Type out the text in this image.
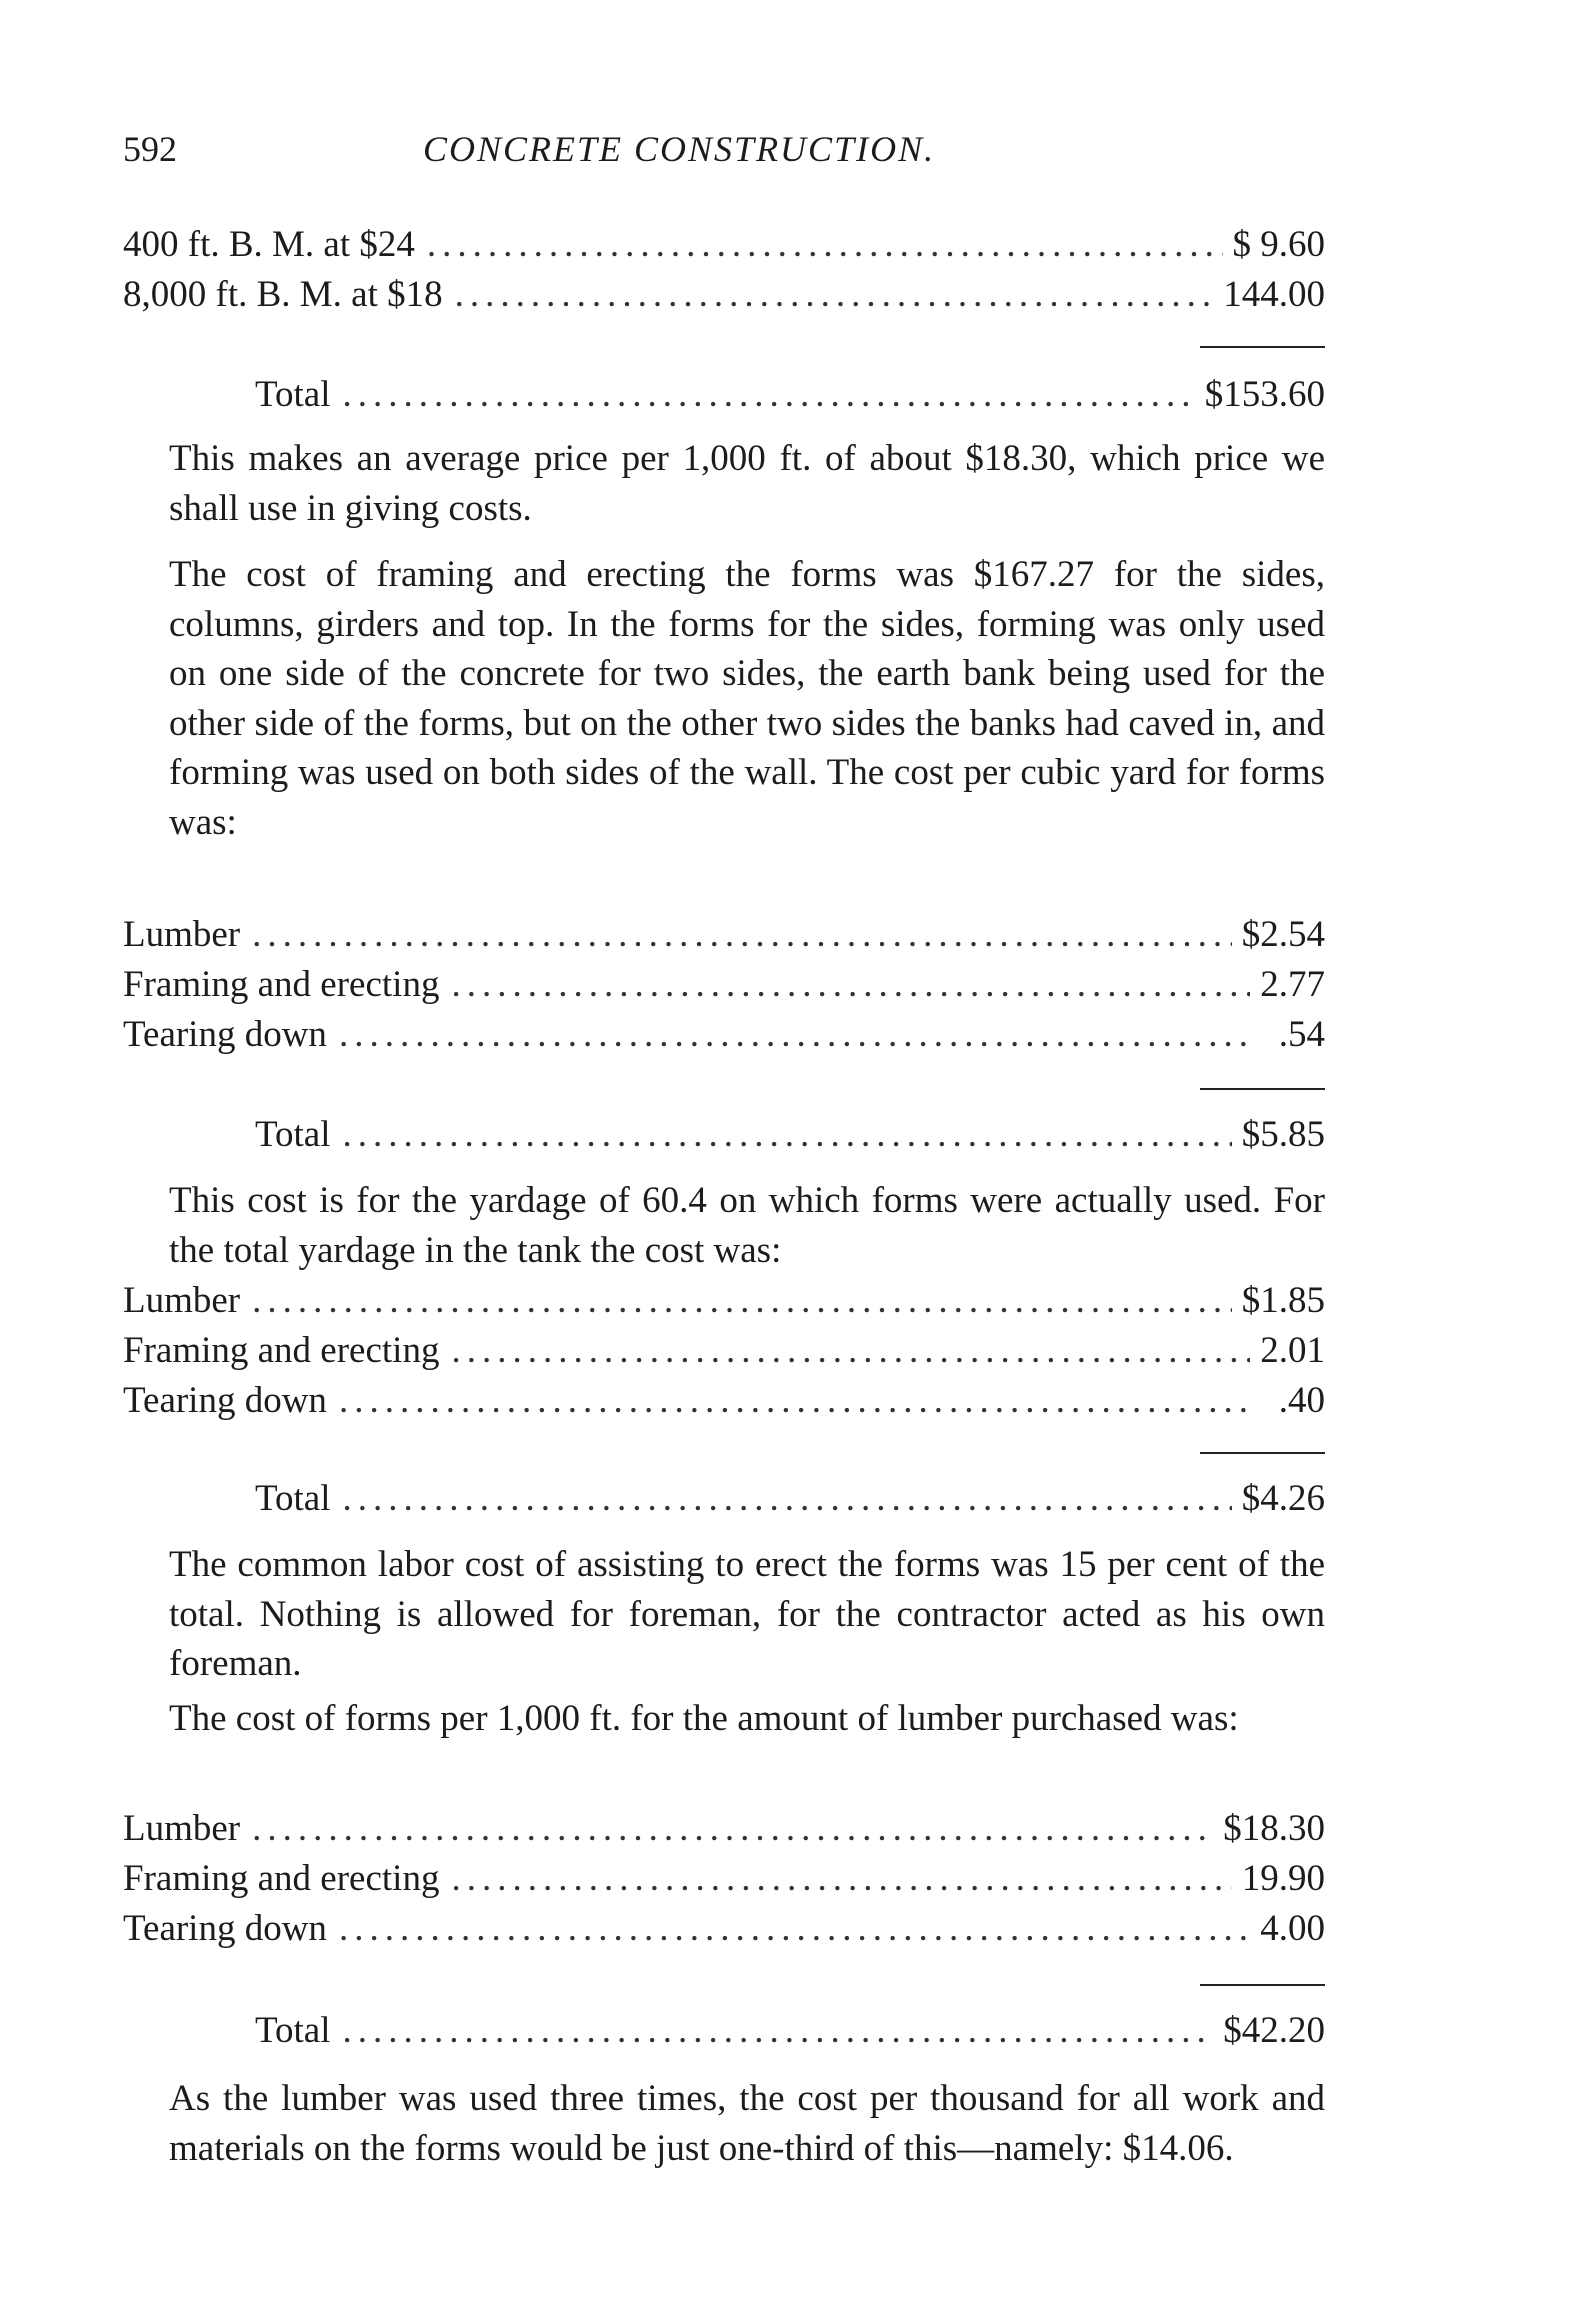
592	CONCRETE CONSTRUCTION.
400 ft. B. M. at $24 .....	$ 9.60
8,000 ft. B. M. at $18 .....	144.00
Total .....	$153.60
This makes an average price per 1,000 ft. of about $18.30, which price we shall use in giving costs.
The cost of framing and erecting the forms was $167.27 for the sides, columns, girders and top. In the forms for the sides, forming was only used on one side of the concrete for two sides, the earth bank being used for the other side of the forms, but on the other two sides the banks had caved in, and forming was used on both sides of the wall. The cost per cubic yard for forms was:
Lumber .....	$2.54
Framing and erecting .....	2.77
Tearing down .....	.54
Total .....	$5.85
This cost is for the yardage of 60.4 on which forms were actually used. For the total yardage in the tank the cost was:
Lumber .....	$1.85
Framing and erecting .....	2.01
Tearing down .....	.40
Total .....	$4.26
The common labor cost of assisting to erect the forms was 15 per cent of the total. Nothing is allowed for foreman, for the contractor acted as his own foreman.
The cost of forms per 1,000 ft. for the amount of lumber purchased was:
Lumber .....	$18.30
Framing and erecting .....	19.90
Tearing down .....	4.00
Total .....	$42.20
As the lumber was used three times, the cost per thousand for all work and materials on the forms would be just one-third of this—namely: $14.06.
